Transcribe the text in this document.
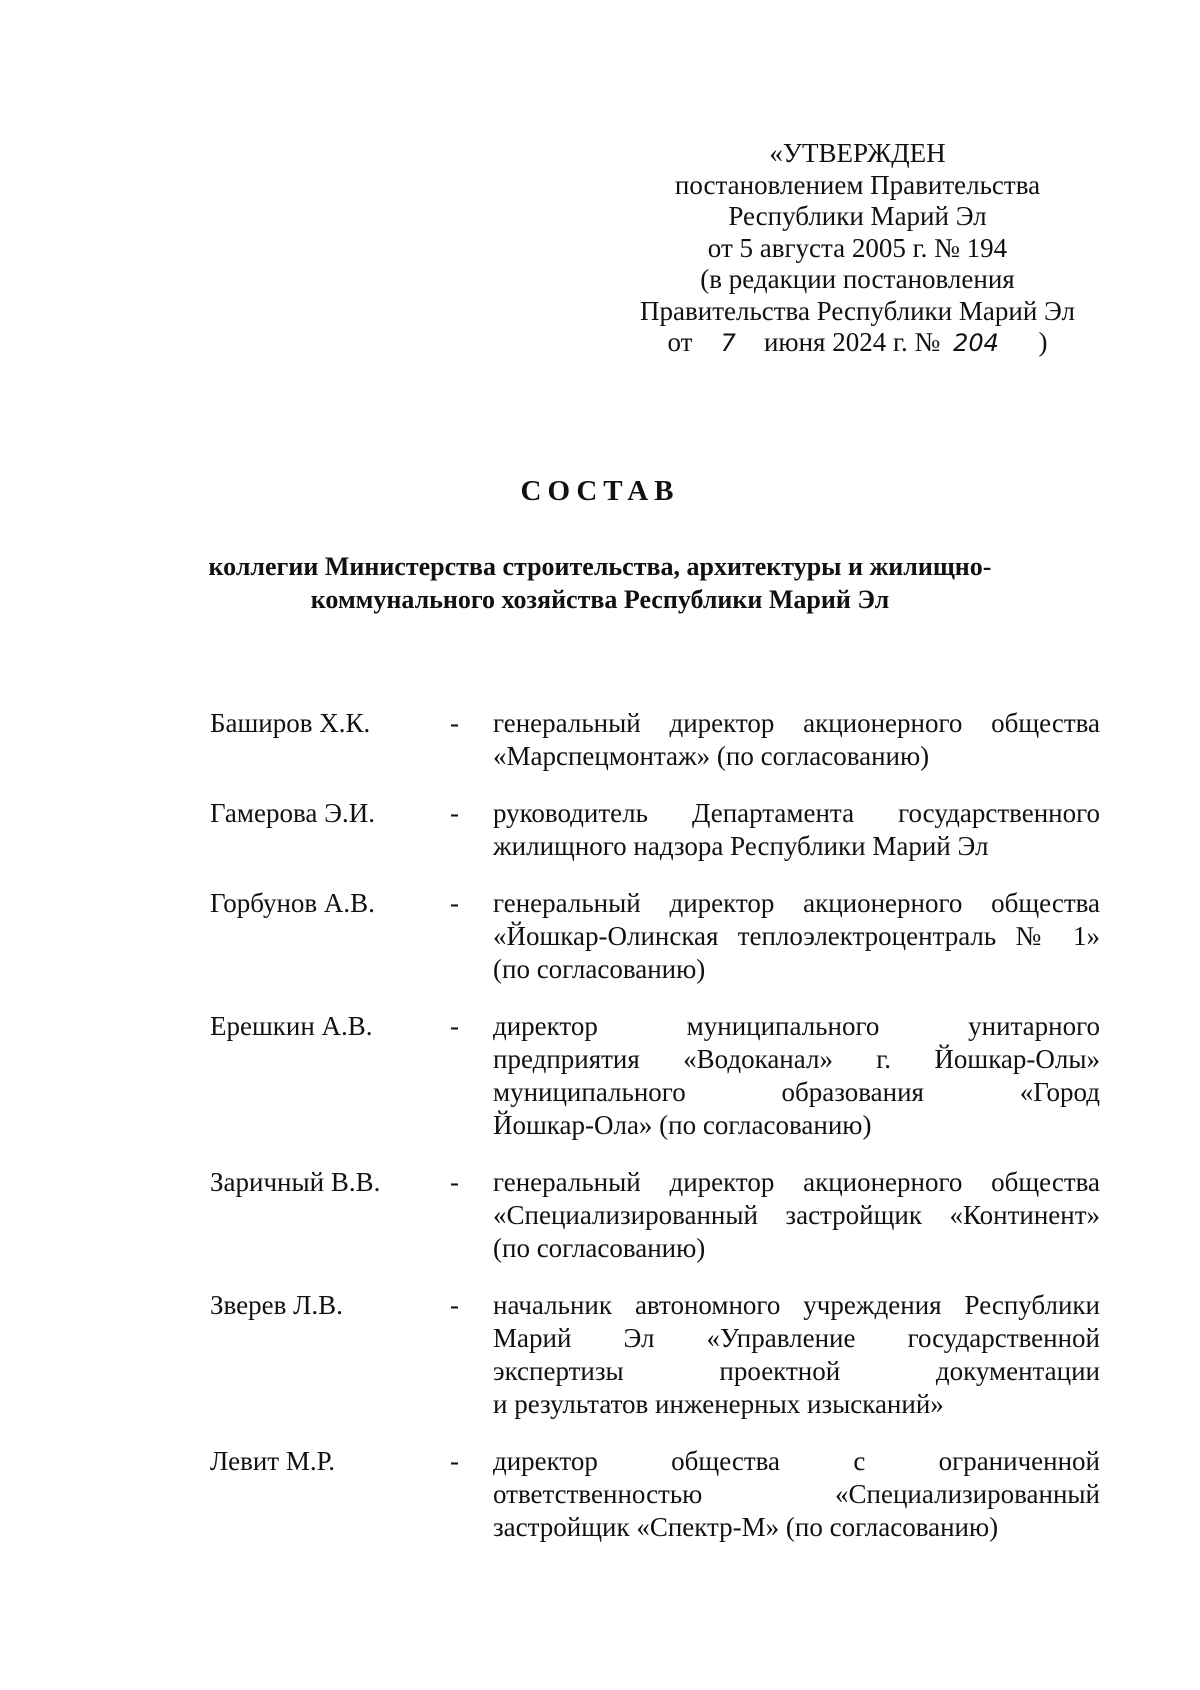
«УТВЕРЖДЕН
постановлением Правительства
Республики Марий Эл
от 5 августа 2005 г. № 194
(в редакции постановления
Правительства Республики Марий Эл
от 7 июня 2024 г. № 204 )
СОСТАВ
коллегии Министерства строительства, архитектуры и жилищно-
коммунального хозяйства Республики Марий Эл
Баширов Х.К.	- генеральный директор акционерного общества
«Марспецмонтаж» (по согласованию)
Гамерова Э.И.	- руководитель Департамента государственного
жилищного надзора Республики Марий Эл
Горбунов А.В.	- генеральный директор акционерного общества
«Йошкар-Олинская теплоэлектроцентраль № 1»
(по согласованию)
Ерешкин А.В.	- директор муниципального унитарного
предприятия «Водоканал» г. Йошкар-Олы»
муниципального образования «Город
Йошкар-Ола» (по согласованию)
Заричный В.В.	- генеральный директор акционерного общества
«Специализированный застройщик «Континент»
(по согласованию)
Зверев Л.В.	- начальник автономного учреждения Республики
Марий Эл «Управление государственной
экспертизы проектной документации
и результатов инженерных изысканий»
Левит М.Р.	- директор общества с ограниченной
ответственностью «Специализированный
застройщик «Спектр-М» (по согласованию)
